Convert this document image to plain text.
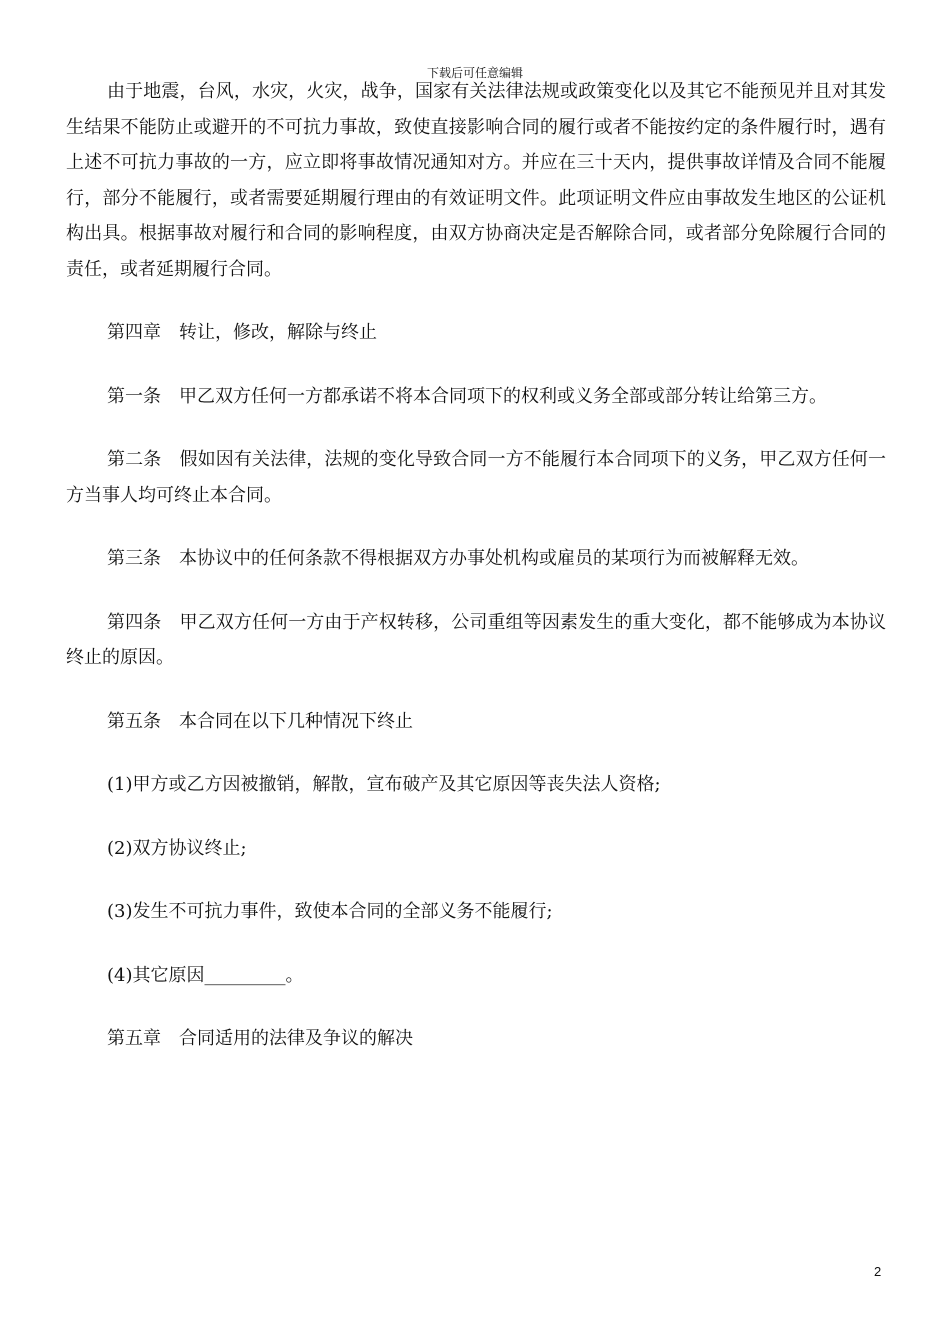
下载后可任意编辑

由于地震，台风，水灾，火灾，战争，国家有关法律法规或政策变化以及其它不能预见并且对其发生结果不能防止或避开的不可抗力事故，致使直接影响合同的履行或者不能按约定的条件履行时，遇有上述不可抗力事故的一方，应立即将事故情况通知对方。并应在三十天内，提供事故详情及合同不能履行，部分不能履行，或者需要延期履行理由的有效证明文件。此项证明文件应由事故发生地区的公证机构出具。根据事故对履行和合同的影响程度，由双方协商决定是否解除合同，或者部分免除履行合同的责任，或者延期履行合同。

第四章　转让，修改，解除与终止

第一条　甲乙双方任何一方都承诺不将本合同项下的权利或义务全部或部分转让给第三方。

第二条　假如因有关法律，法规的变化导致合同一方不能履行本合同项下的义务，甲乙双方任何一方当事人均可终止本合同。

第三条　本协议中的任何条款不得根据双方办事处机构或雇员的某项行为而被解释无效。

第四条　甲乙双方任何一方由于产权转移，公司重组等因素发生的重大变化，都不能够成为本协议终止的原因。

第五条　本合同在以下几种情况下终止

(1)甲方或乙方因被撤销，解散，宣布破产及其它原因等丧失法人资格;

(2)双方协议终止;

(3)发生不可抗力事件，致使本合同的全部义务不能履行;

(4)其它原因_________。

第五章　合同适用的法律及争议的解决

2
